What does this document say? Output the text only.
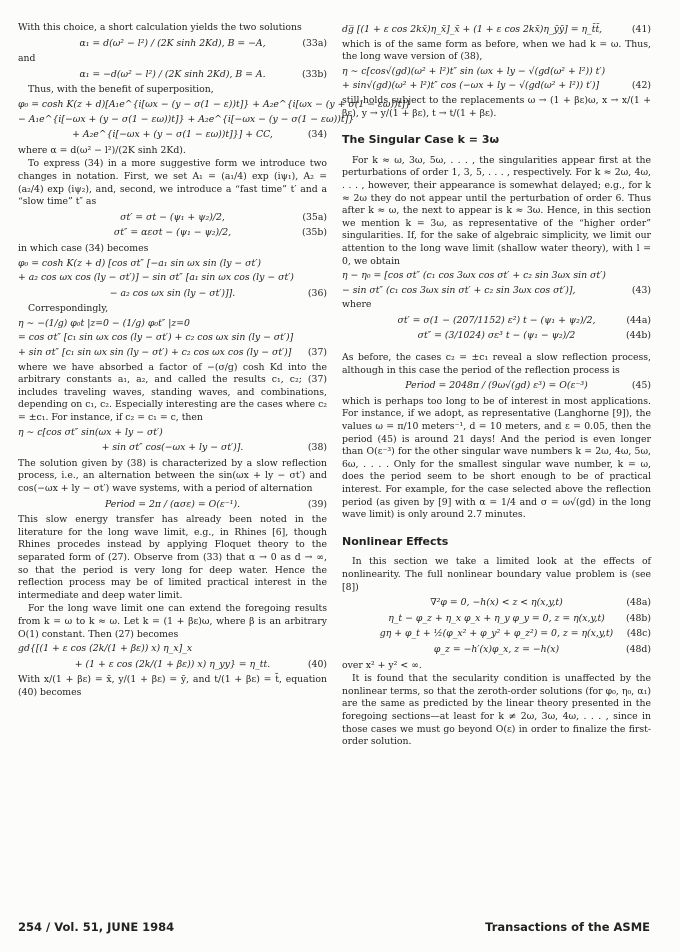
With this choice, a short calculation yields the two solutions

α₁ = d(ω² − l²) / (2K sinh 2Kd), B = −A,	(33a)

and

α₁ = −d(ω² − l²) / (2K sinh 2Kd), B = A.	(33b)

Thus, with the benefit of superposition,

φ₀ = cosh K(z + d)[A₁e^{i[ωx − (y − σ(1 − ε))t]} + A₂e^{i[ωx − (y + σ(1 − εω))t]}
− A₁e^{i[−ωx + (y − σ(1 − εω))t]} + A₂e^{i[−ωx − (y − σ(1 − εω))t]}
+ A₂e^{i[−ωx + (y − σ(1 − εω))t]}] + CC,	(34)

where α = d(ω² − l²)/(2K sinh 2Kd).

To express (34) in a more suggestive form we introduce two changes in notation. First, we set A₁ = (a₁/4) exp (iψ₁), A₂ = (a₂/4) exp (iψ₂), and, second, we introduce a “fast time” t′ and a “slow time” t″ as

σt′ = σt − (ψ₁ + ψ₂)/2,	(35a)
σt″ = αεσt − (ψ₁ − ψ₂)/2,	(35b)

in which case (34) becomes

φ₀ = cosh K(z + d) [cos σt″ [−a₁ sin ωx sin (ly − σt′)
+ a₂ cos ωx cos (ly − σt′)] − sin σt″ [a₁ sin ωx cos (ly − σt′)
− a₂ cos ωx sin (ly − σt′)]].	(36)

Correspondingly,

η ∼ −(1/g) φ₀t |z=0 − (1/g) φ₀t″ |z=0
= cos σt″ [c₁ sin ωx cos (ly − σt′) + c₂ cos ωx sin (ly − σt′)]
+ sin σt″ [c₁ sin ωx sin (ly − σt′) + c₂ cos ωx cos (ly − σt′)] (37)

where we have absorbed a factor of −(σ/g) cosh Kd into the arbitrary constants a₁, a₂, and called the results c₁, c₂; (37) includes traveling waves, standing waves, and combinations, depending on c₁, c₂. Especially interesting are the cases where c₂ = ±c₁. For instance, if c₂ = c₁ = c, then

η ∼ c[cos σt″ sin(ωx + ly − σt′)
+ sin σt″ cos(−ωx + ly − σt′)].	(38)

The solution given by (38) is characterized by a slow reflection process, i.e., an alternation between the sin(ωx + ly − σt′) and cos(−ωx + ly − σt′) wave systems, with a period of alternation

Period = 2π / (ασε) = O(ε⁻¹).	(39)

This slow energy transfer has already been noted in the literature for the long wave limit, e.g., in Rhines [6], though Rhines procedes instead by applying Floquet theory to the separated form of (27). Observe from (33) that α → 0 as d → ∞, so that the period is very long for deep water. Hence the reflection process may be of limited practical interest in the intermediate and deep water limit.

For the long wave limit one can extend the foregoing results from k = ω to k ≈ ω. Let k = (1 + βε)ω, where β is an arbitrary O(1) constant. Then (27) becomes

gd{[(1 + ε cos (2k/(1 + βε)) x) η_x]_x
+ (1 + ε cos (2k/(1 + βε)) x) η_yy} = η_tt.	(40)

With x/(1 + βε) = x̄, y/(1 + βε) = ȳ, and t/(1 + βε) = t̄, equation (40) becomes

dg̅ [(1 + ε cos 2kx̄)η_x̄]_x̄ + (1 + ε cos 2kx̄)η_ȳȳ] = η_t̄t̄,	(41)

which is of the same form as before, when we had k = ω. Thus, the long wave version of (38),

η ∼ c[cos√(gd)(ω² + l²)t″ sin (ωx + ly − √(gd(ω² + l²)) t′)
+ sin√(gd)(ω² + l²)t″ cos (−ωx + ly − √(gd(ω² + l²)) t′)]	(42)

still holds subject to the replacements ω → (1 + βε)ω, x → x/(1 + βε), y → y/(1 + βε), t → t/(1 + βε).

The Singular Case k = 3ω

For k ≈ ω, 3ω, 5ω, . . . , the singularities appear first at the perturbations of order 1, 3, 5, . . . , respectively. For k ≈ 2ω, 4ω, . . . , however, their appearance is somewhat delayed; e.g., for k ≈ 2ω they do not appear until the perturbation of order 6. Thus after k ≈ ω, the next to appear is k ≈ 3ω. Hence, in this section we mention k = 3ω, as representative of the “higher order” singularities. If, for the sake of algebraic simplicity, we limit our attention to the long wave limit (shallow water theory), with l = 0, we obtain

η − η₀ = [cos σt″ (c₁ cos 3ωx cos σt′ + c₂ sin 3ωx sin σt′)
− sin σt″ (c₁ cos 3ωx sin σt′ + c₂ sin 3ωx cos σt′)],	(43)

where

σt′ = σ(1 − (207/1152) ε²) t − (ψ₁ + ψ₂)/2,	(44a)
σt″ = (3/1024) σε³ t − (ψ₁ − ψ₂)/2	(44b)

As before, the cases c₂ = ±c₁ reveal a slow reflection process, although in this case the period of the reflection process is

Period = 2048π / (9ω√(gd) ε³) = O(ε⁻³)	(45)

which is perhaps too long to be of interest in most applications. For instance, if we adopt, as representative (Langhorne [9]), the values ω = π/10 meters⁻¹, d = 10 meters, and ε = 0.05, then the period (45) is around 21 days! And the period is even longer than O(ε⁻³) for the other singular wave numbers k = 2ω, 4ω, 5ω, 6ω, . . . . Only for the smallest singular wave number, k = ω, does the period seem to be short enough to be of practical interest. For example, for the case selected above the reflection period (as given by [9] with α = 1/4 and σ = ω√(gd) in the long wave limit) is only around 2.7 minutes.

Nonlinear Effects

In this section we take a limited look at the effects of nonlinearity. The full nonlinear boundary value problem is (see [8])

∇²φ = 0, −h(x) < z < η(x,y,t)	(48a)
η_t − φ_z + η_x φ_x + η_y φ_y = 0, z = η(x,y,t) (48b)
gη + φ_t + ½(φ_x² + φ_y² + φ_z²) = 0, z = η(x,y,t) (48c)
φ_z = −h′(x)φ_x, z = −h(x)	(48d)

over x² + y² < ∞.

It is found that the secularity condition is unaffected by the nonlinear terms, so that the zeroth-order solutions (for φ₀, η₀, α₁) are the same as predicted by the linear theory presented in the foregoing sections—at least for k ≠ 2ω, 3ω, 4ω, . . . , since in those cases we must go beyond O(ε) in order to finalize the first-order solution.

254 / Vol. 51, JUNE 1984	Transactions of the ASME
